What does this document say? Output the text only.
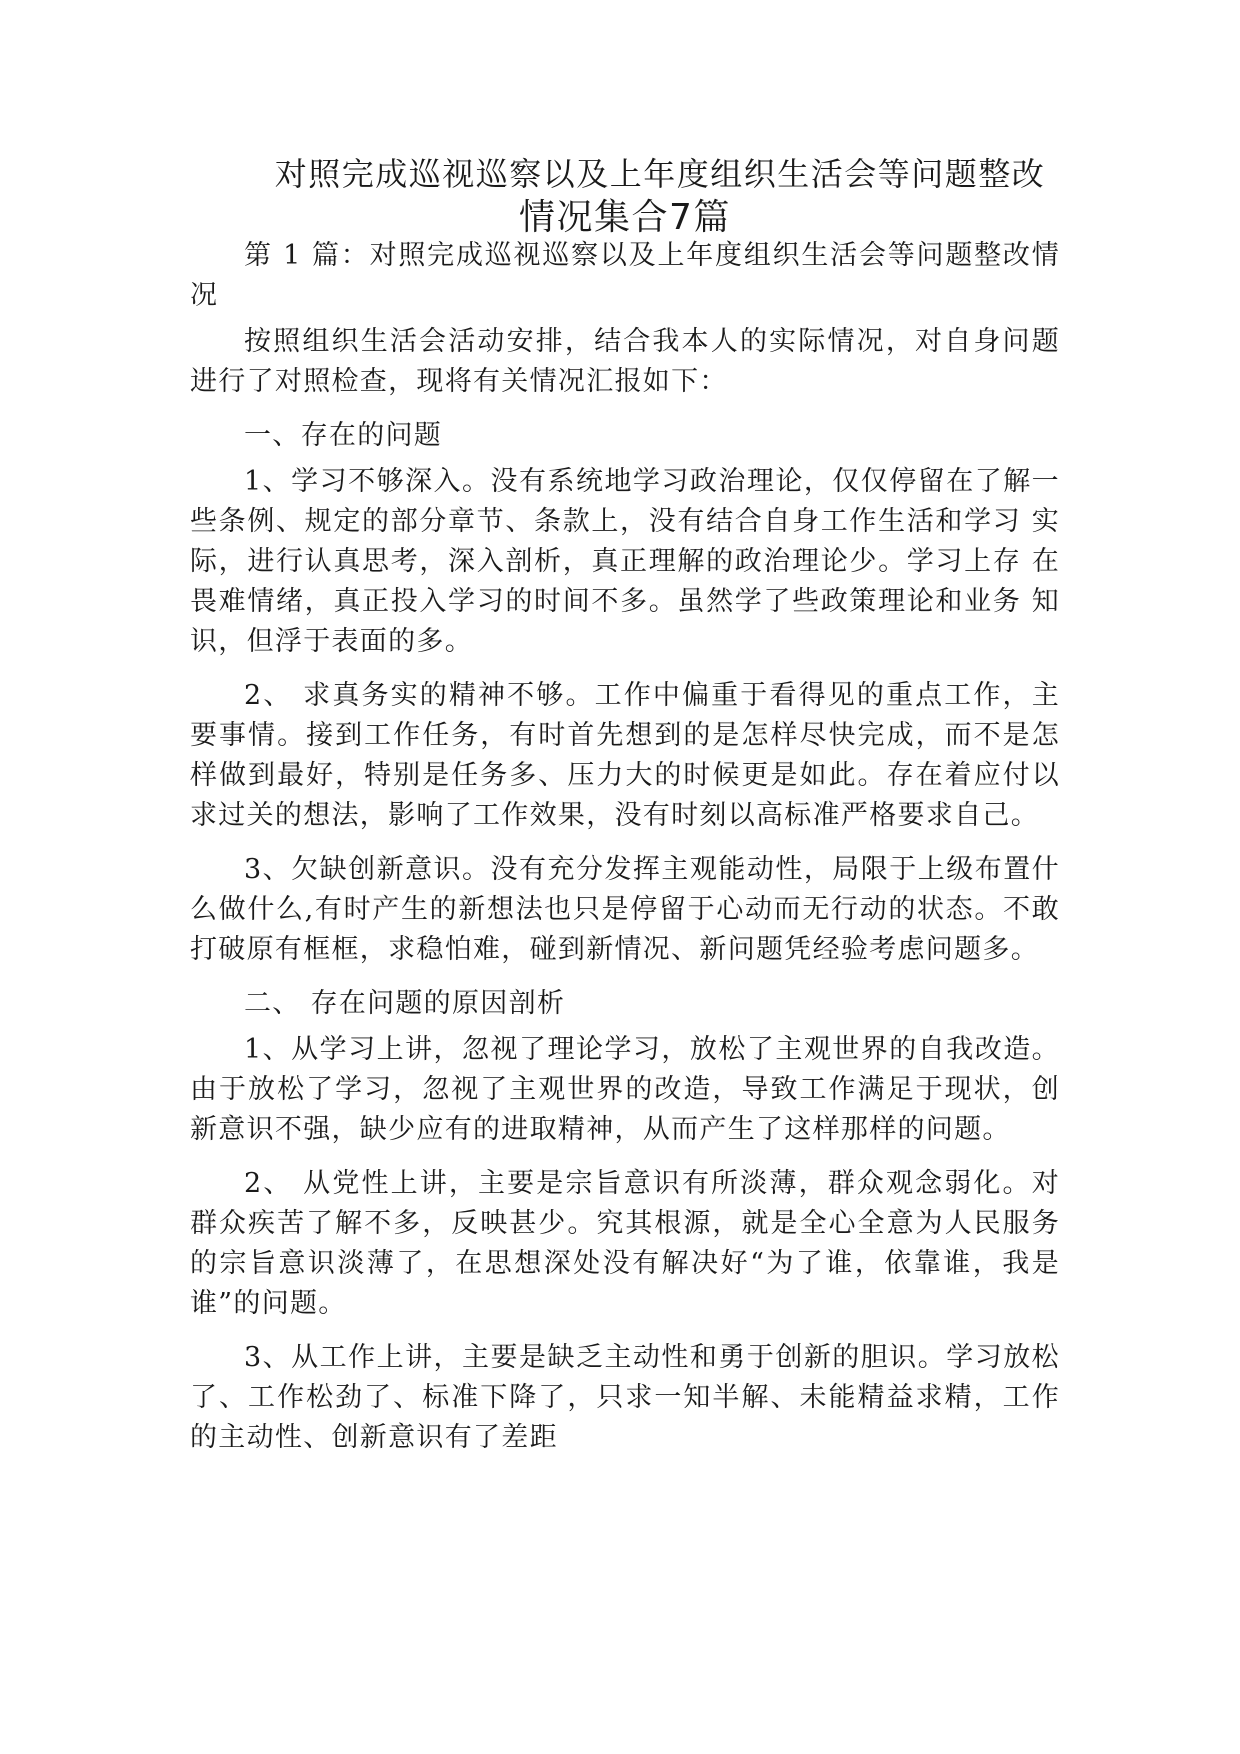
对照完成巡视巡察以及上年度组织生活会等问题整改
情况集合7篇

第 1 篇：对照完成巡视巡察以及上年度组织生活会等问题整改情况

按照组织生活会活动安排，结合我本人的实际情况，对自身问题进行了对照检查，现将有关情况汇报如下：

一、存在的问题

1、学习不够深入。没有系统地学习政治理论，仅仅停留在了解一些条例、规定的部分章节、条款上，没有结合自身工作生活和学习 实际，进行认真思考，深入剖析，真正理解的政治理论少。学习上存 在畏难情绪，真正投入学习的时间不多。虽然学了些政策理论和业务 知识，但浮于表面的多。

2、 求真务实的精神不够。工作中偏重于看得见的重点工作，主要事情。接到工作任务，有时首先想到的是怎样尽快完成，而不是怎样做到最好，特别是任务多、压力大的时候更是如此。存在着应付以求过关的想法，影响了工作效果，没有时刻以高标准严格要求自己。

3、欠缺创新意识。没有充分发挥主观能动性，局限于上级布置什么做什么,有时产生的新想法也只是停留于心动而无行动的状态。不敢打破原有框框，求稳怕难，碰到新情况、新问题凭经验考虑问题多。

二、 存在问题的原因剖析

1、从学习上讲，忽视了理论学习，放松了主观世界的自我改造。由于放松了学习，忽视了主观世界的改造，导致工作满足于现状，创 新意识不强，缺少应有的进取精神，从而产生了这样那样的问题。

2、 从党性上讲，主要是宗旨意识有所淡薄，群众观念弱化。对 群众疾苦了解不多，反映甚少。究其根源，就是全心全意为人民服务 的宗旨意识淡薄了，在思想深处没有解决好“为了谁，依靠谁，我是 谁”的问题。

3、从工作上讲，主要是缺乏主动性和勇于创新的胆识。学习放松了、工作松劲了、标准下降了，只求一知半解、未能精益求精，工作的主动性、创新意识有了差距
